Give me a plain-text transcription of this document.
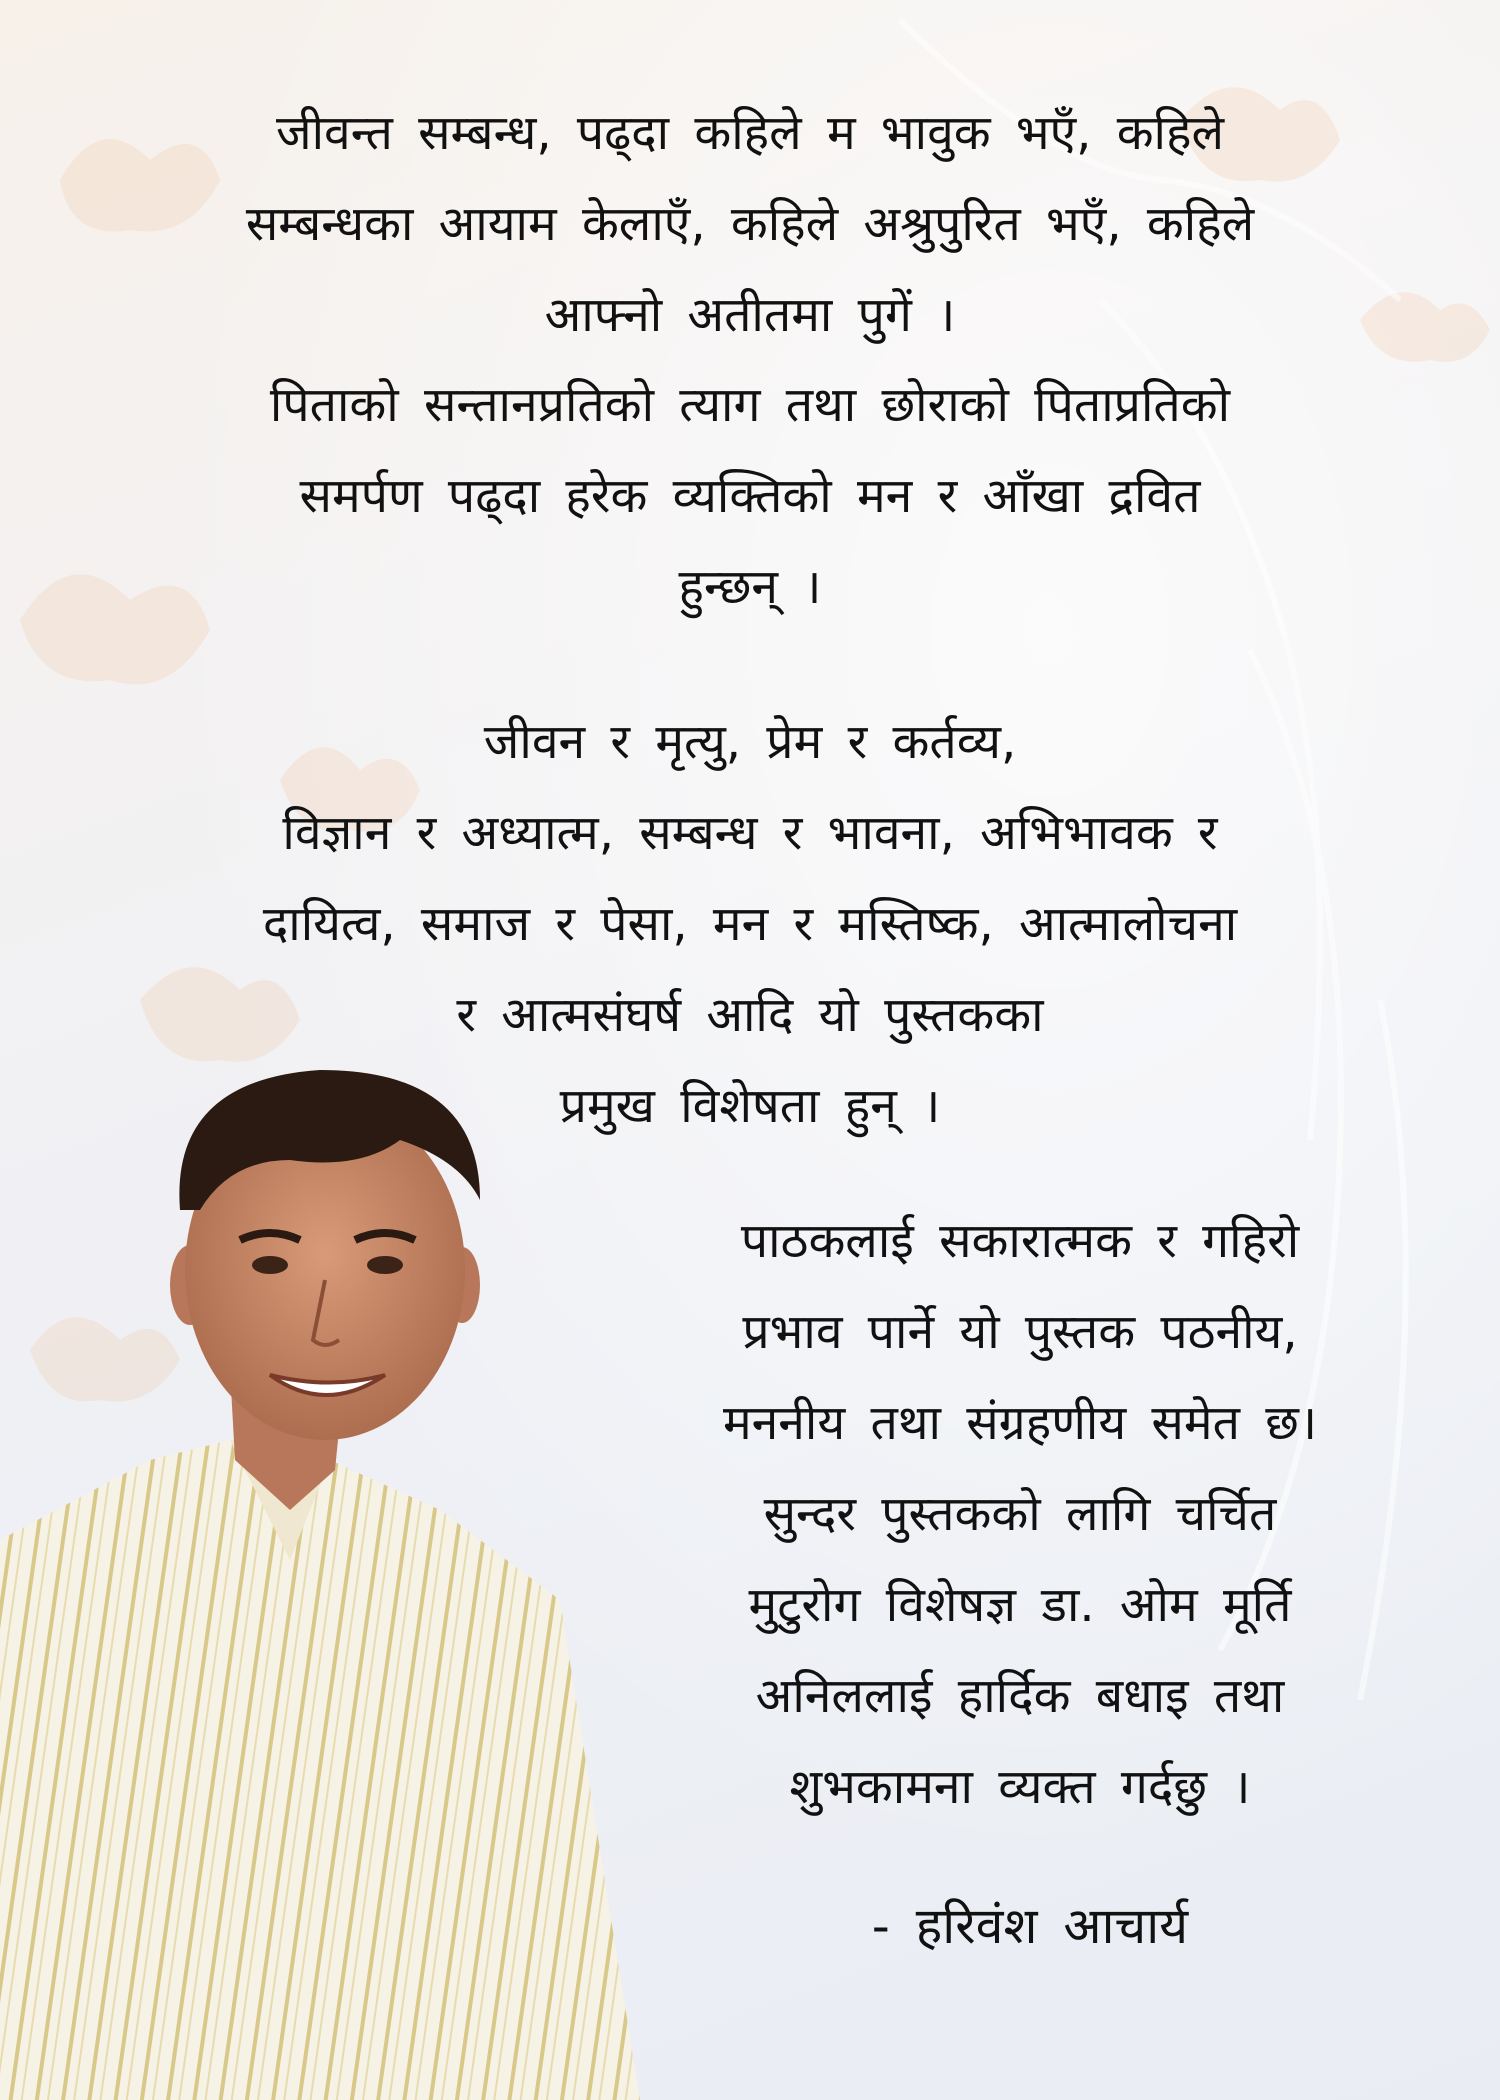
जीवन्त सम्बन्ध, पढ्दा कहिले म भावुक भएँ, कहिले
सम्बन्धका आयाम केलाएँ, कहिले अश्रुपुरित भएँ, कहिले
आफ्नो अतीतमा पुगें ।

पिताको सन्तानप्रतिको त्याग तथा छोराको पिताप्रतिको
समर्पण पढ्दा हरेक व्यक्तिको मन र आँखा द्रवित
हुन्छन् ।

जीवन र मृत्यु, प्रेम र कर्तव्य,
विज्ञान र अध्यात्म, सम्बन्ध र भावना, अभिभावक र
दायित्व, समाज र पेसा, मन र मस्तिष्क, आत्मालोचना
र आत्मसंघर्ष आदि यो पुस्तकका
प्रमुख विशेषता हुन् ।

पाठकलाई सकारात्मक र गहिरो
प्रभाव पार्ने यो पुस्तक पठनीय,
मननीय तथा संग्रहणीय समेत छ।
सुन्दर पुस्तकको लागि चर्चित
मुटुरोग विशेषज्ञ डा. ओम मूर्ति
अनिललाई हार्दिक बधाइ तथा
शुभकामना व्यक्त गर्दछु ।

- हरिवंश आचार्य
